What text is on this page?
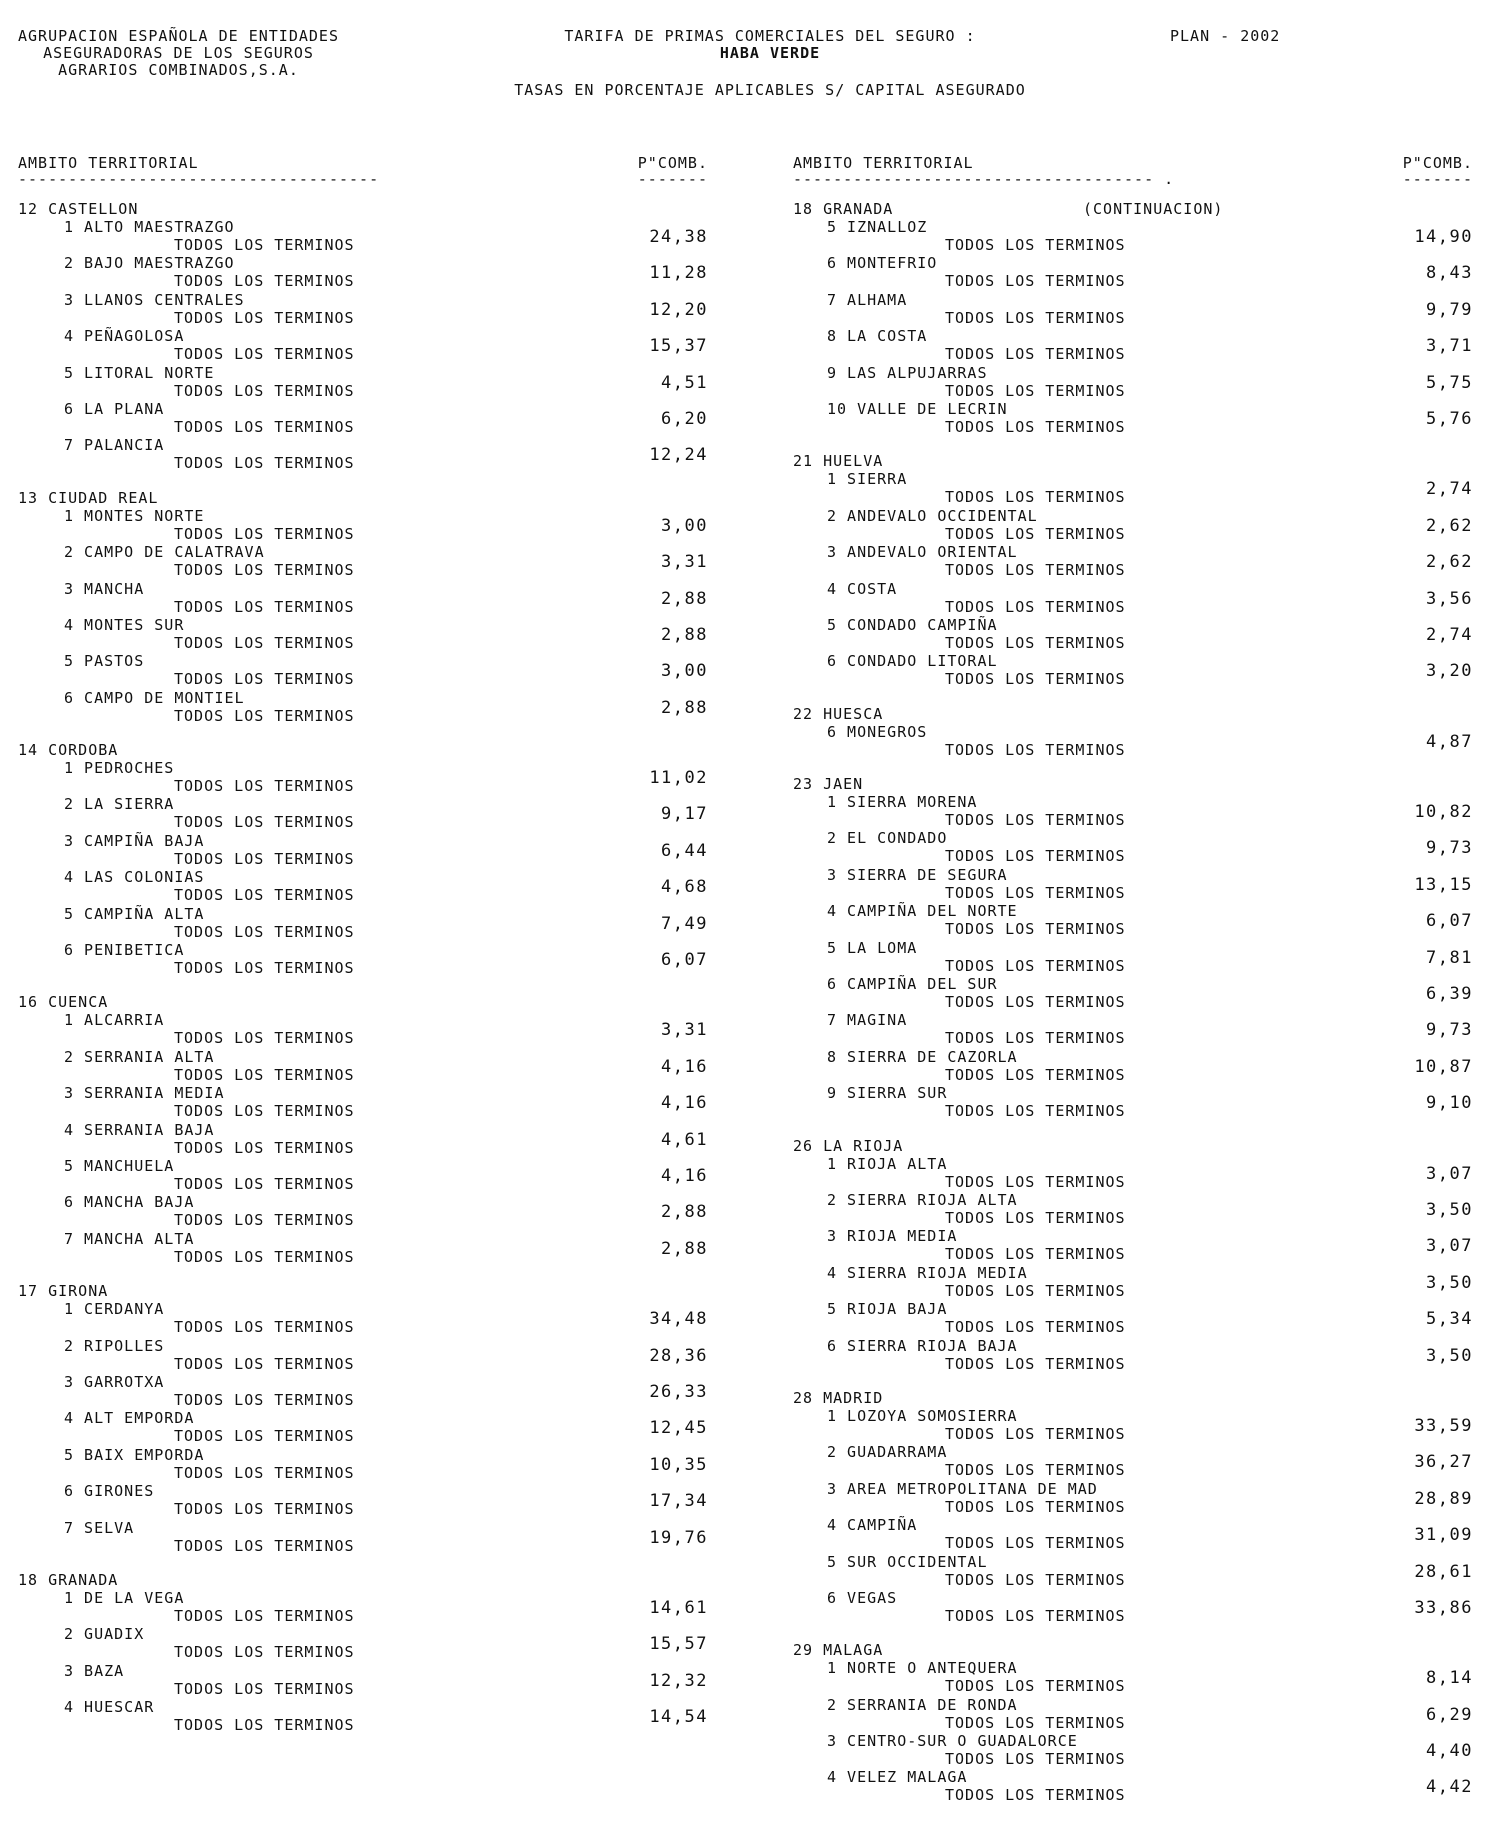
AGRUPACION ESPAÑOLA DE ENTIDADES
ASEGURADORAS DE LOS SEGUROS
AGRARIOS COMBINADOS,S.A.
TARIFA DE PRIMAS COMERCIALES DEL SEGURO :
HABA VERDE
PLAN - 2002
TASAS EN PORCENTAJE APLICABLES S/ CAPITAL ASEGURADO
AMBITO TERRITORIAL	P"COMB.
------------------------------------	-------
12 CASTELLON
1 ALTO MAESTRAZGO
TODOS LOS TERMINOS	24,38
2 BAJO MAESTRAZGO
TODOS LOS TERMINOS	11,28
3 LLANOS CENTRALES
TODOS LOS TERMINOS	12,20
4 PEÑAGOLOSA
TODOS LOS TERMINOS	15,37
5 LITORAL NORTE
TODOS LOS TERMINOS	4,51
6 LA PLANA
TODOS LOS TERMINOS	6,20
7 PALANCIA
TODOS LOS TERMINOS	12,24
13 CIUDAD REAL
1 MONTES NORTE
TODOS LOS TERMINOS	3,00
2 CAMPO DE CALATRAVA
TODOS LOS TERMINOS	3,31
3 MANCHA
TODOS LOS TERMINOS	2,88
4 MONTES SUR
TODOS LOS TERMINOS	2,88
5 PASTOS
TODOS LOS TERMINOS	3,00
6 CAMPO DE MONTIEL
TODOS LOS TERMINOS	2,88
14 CORDOBA
1 PEDROCHES
TODOS LOS TERMINOS	11,02
2 LA SIERRA
TODOS LOS TERMINOS	9,17
3 CAMPIÑA BAJA
TODOS LOS TERMINOS	6,44
4 LAS COLONIAS
TODOS LOS TERMINOS	4,68
5 CAMPIÑA ALTA
TODOS LOS TERMINOS	7,49
6 PENIBETICA
TODOS LOS TERMINOS	6,07
16 CUENCA
1 ALCARRIA
TODOS LOS TERMINOS	3,31
2 SERRANIA ALTA
TODOS LOS TERMINOS	4,16
3 SERRANIA MEDIA
TODOS LOS TERMINOS	4,16
4 SERRANIA BAJA
TODOS LOS TERMINOS	4,61
5 MANCHUELA
TODOS LOS TERMINOS	4,16
6 MANCHA BAJA
TODOS LOS TERMINOS	2,88
7 MANCHA ALTA
TODOS LOS TERMINOS	2,88
17 GIRONA
1 CERDANYA
TODOS LOS TERMINOS	34,48
2 RIPOLLES
TODOS LOS TERMINOS	28,36
3 GARROTXA
TODOS LOS TERMINOS	26,33
4 ALT EMPORDA
TODOS LOS TERMINOS	12,45
5 BAIX EMPORDA
TODOS LOS TERMINOS	10,35
6 GIRONES
TODOS LOS TERMINOS	17,34
7 SELVA
TODOS LOS TERMINOS	19,76
18 GRANADA
1 DE LA VEGA
TODOS LOS TERMINOS	14,61
2 GUADIX
TODOS LOS TERMINOS	15,57
3 BAZA
TODOS LOS TERMINOS	12,32
4 HUESCAR
TODOS LOS TERMINOS	14,54
AMBITO TERRITORIAL	P"COMB.
------------------------------------ .	-------
18 GRANADA	(CONTINUACION)
5 IZNALLOZ
TODOS LOS TERMINOS	14,90
6 MONTEFRIO
TODOS LOS TERMINOS	8,43
7 ALHAMA
TODOS LOS TERMINOS	9,79
8 LA COSTA
TODOS LOS TERMINOS	3,71
9 LAS ALPUJARRAS
TODOS LOS TERMINOS	5,75
10 VALLE DE LECRIN
TODOS LOS TERMINOS	5,76
21 HUELVA
1 SIERRA
TODOS LOS TERMINOS	2,74
2 ANDEVALO OCCIDENTAL
TODOS LOS TERMINOS	2,62
3 ANDEVALO ORIENTAL
TODOS LOS TERMINOS	2,62
4 COSTA
TODOS LOS TERMINOS	3,56
5 CONDADO CAMPIÑA
TODOS LOS TERMINOS	2,74
6 CONDADO LITORAL
TODOS LOS TERMINOS	3,20
22 HUESCA
6 MONEGROS
TODOS LOS TERMINOS	4,87
23 JAEN
1 SIERRA MORENA
TODOS LOS TERMINOS	10,82
2 EL CONDADO
TODOS LOS TERMINOS	9,73
3 SIERRA DE SEGURA
TODOS LOS TERMINOS	13,15
4 CAMPIÑA DEL NORTE
TODOS LOS TERMINOS	6,07
5 LA LOMA
TODOS LOS TERMINOS	7,81
6 CAMPIÑA DEL SUR
TODOS LOS TERMINOS	6,39
7 MAGINA
TODOS LOS TERMINOS	9,73
8 SIERRA DE CAZORLA
TODOS LOS TERMINOS	10,87
9 SIERRA SUR
TODOS LOS TERMINOS	9,10
26 LA RIOJA
1 RIOJA ALTA
TODOS LOS TERMINOS	3,07
2 SIERRA RIOJA ALTA
TODOS LOS TERMINOS	3,50
3 RIOJA MEDIA
TODOS LOS TERMINOS	3,07
4 SIERRA RIOJA MEDIA
TODOS LOS TERMINOS	3,50
5 RIOJA BAJA
TODOS LOS TERMINOS	5,34
6 SIERRA RIOJA BAJA
TODOS LOS TERMINOS	3,50
28 MADRID
1 LOZOYA SOMOSIERRA
TODOS LOS TERMINOS	33,59
2 GUADARRAMA
TODOS LOS TERMINOS	36,27
3 AREA METROPOLITANA DE MAD
TODOS LOS TERMINOS	28,89
4 CAMPIÑA
TODOS LOS TERMINOS	31,09
5 SUR OCCIDENTAL
TODOS LOS TERMINOS	28,61
6 VEGAS
TODOS LOS TERMINOS	33,86
29 MALAGA
1 NORTE O ANTEQUERA
TODOS LOS TERMINOS	8,14
2 SERRANIA DE RONDA
TODOS LOS TERMINOS	6,29
3 CENTRO-SUR O GUADALORCE
TODOS LOS TERMINOS	4,40
4 VELEZ MALAGA
TODOS LOS TERMINOS	4,42
